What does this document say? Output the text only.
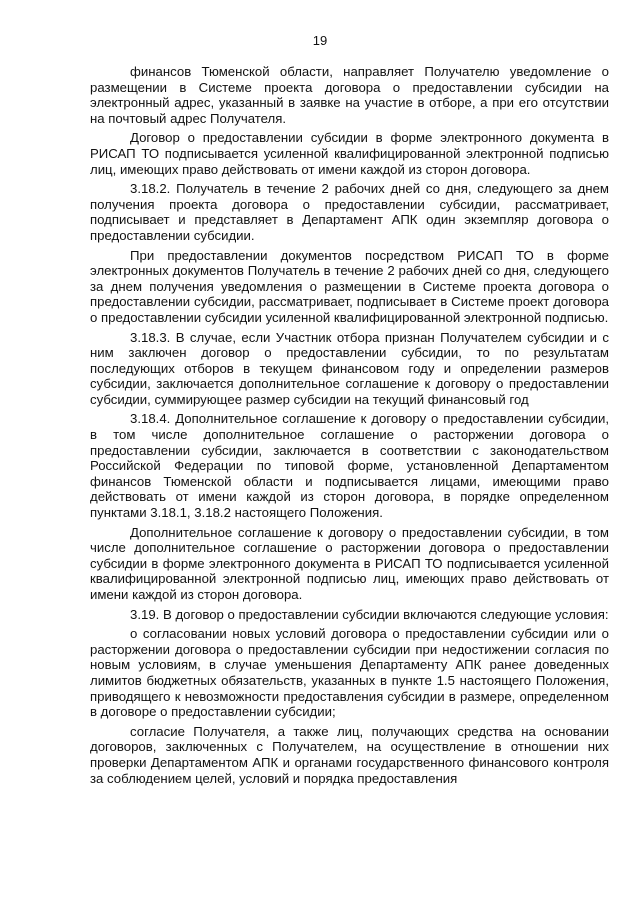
19

финансов Тюменской области, направляет Получателю уведомление о размещении в Системе проекта договора о предоставлении субсидии на электронный адрес, указанный в заявке на участие в отборе, а при его отсутствии на почтовый адрес Получателя.

Договор о предоставлении субсидии в форме электронного документа в РИСАП ТО подписывается усиленной квалифицированной электронной подписью лиц, имеющих право действовать от имени каждой из сторон договора.

3.18.2. Получатель в течение 2 рабочих дней со дня, следующего за днем получения проекта договора о предоставлении субсидии, рассматривает, подписывает и представляет в Департамент АПК один экземпляр договора о предоставлении субсидии.

При предоставлении документов посредством РИСАП ТО в форме электронных документов Получатель в течение 2 рабочих дней со дня, следующего за днем получения уведомления о размещении в Системе проекта договора о предоставлении субсидии, рассматривает, подписывает в Системе проект договора о предоставлении субсидии усиленной квалифицированной электронной подписью.

3.18.3. В случае, если Участник отбора признан Получателем субсидии и с ним заключен договор о предоставлении субсидии, то по результатам последующих отборов в текущем финансовом году и определении размеров субсидии, заключается дополнительное соглашение к договору о предоставлении субсидии, суммирующее размер субсидии на текущий финансовый год

3.18.4. Дополнительное соглашение к договору о предоставлении субсидии, в том числе дополнительное соглашение о расторжении договора о предоставлении субсидии, заключается в соответствии с законодательством Российской Федерации по типовой форме, установленной Департаментом финансов Тюменской области и подписывается лицами, имеющими право действовать от имени каждой из сторон договора, в порядке определенном пунктами 3.18.1, 3.18.2 настоящего Положения.

Дополнительное соглашение к договору о предоставлении субсидии, в том числе дополнительное соглашение о расторжении договора о предоставлении субсидии в форме электронного документа в РИСАП ТО подписывается усиленной квалифицированной электронной подписью лиц, имеющих право действовать от имени каждой из сторон договора.

3.19. В договор о предоставлении субсидии включаются следующие условия:

о согласовании новых условий договора о предоставлении субсидии или о расторжении договора о предоставлении субсидии при недостижении согласия по новым условиям, в случае уменьшения Департаменту АПК ранее доведенных лимитов бюджетных обязательств, указанных в пункте 1.5 настоящего Положения, приводящего к невозможности предоставления субсидии в размере, определенном в договоре о предоставлении субсидии;

согласие Получателя, а также лиц, получающих средства на основании договоров, заключенных с Получателем, на осуществление в отношении них проверки Департаментом АПК и органами государственного финансового контроля за соблюдением целей, условий и порядка предоставления
